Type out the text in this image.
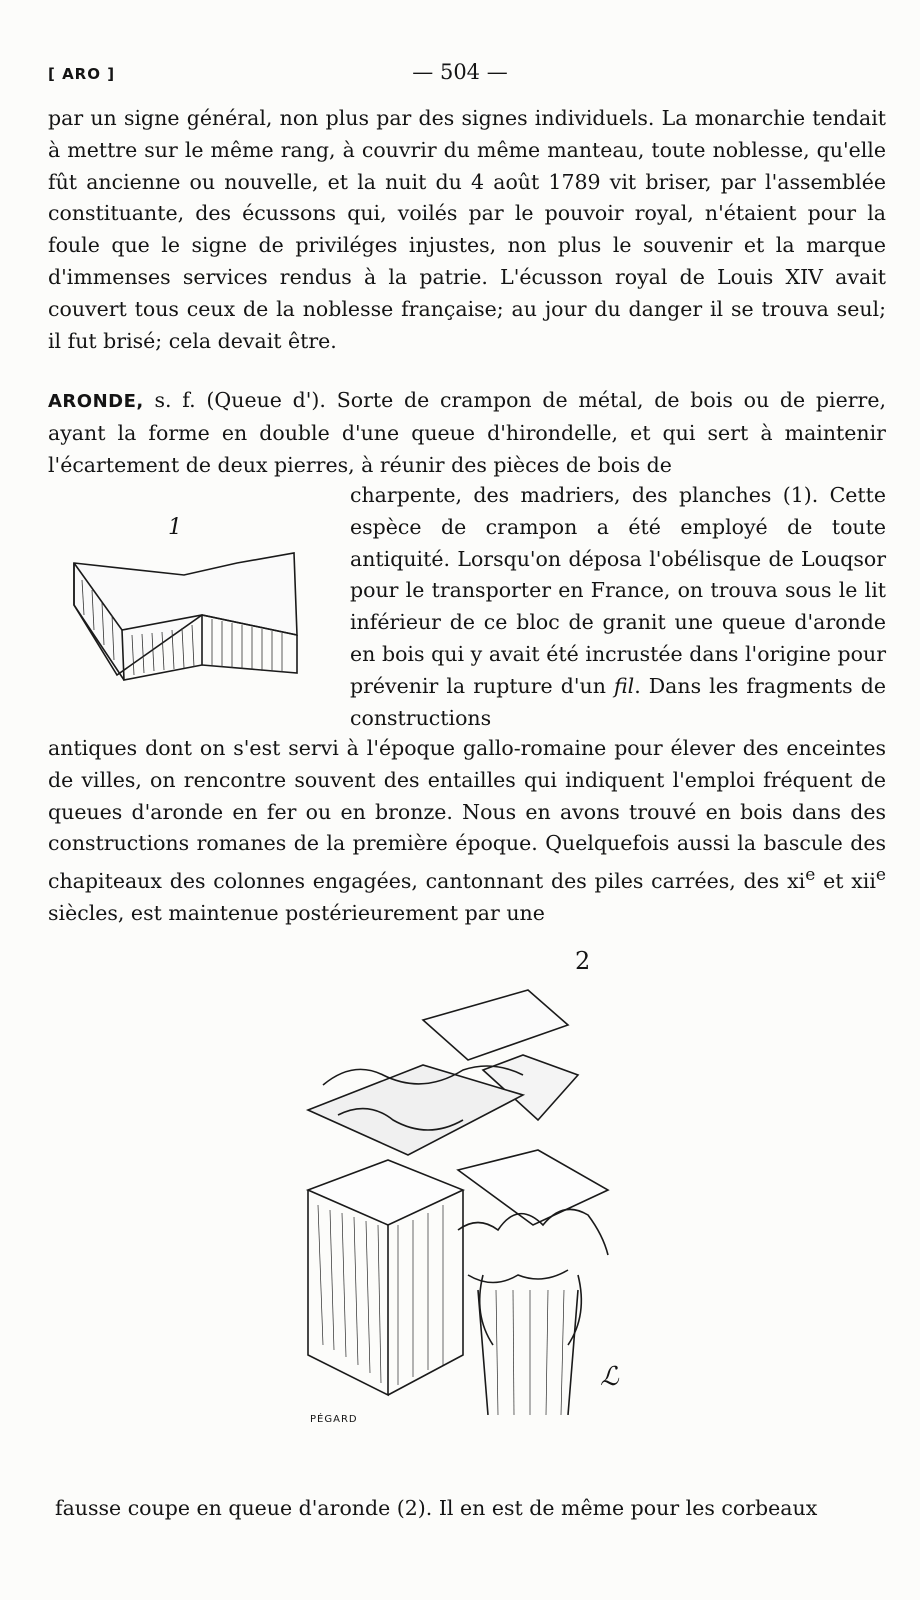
[ ARO ]	— 504 —

par un signe général, non plus par des signes individuels. La monarchie tendait à mettre sur le même rang, à couvrir du même manteau, toute noblesse, qu'elle fût ancienne ou nouvelle, et la nuit du 4 août 1789 vit briser, par l'assemblée constituante, des écussons qui, voilés par le pouvoir royal, n'étaient pour la foule que le signe de priviléges injustes, non plus le souvenir et la marque d'immenses services rendus à la patrie. L'écusson royal de Louis XIV avait couvert tous ceux de la noblesse française; au jour du danger il se trouva seul; il fut brisé; cela devait être.

ARONDE, s. f. (Queue d'). Sorte de crampon de métal, de bois ou de pierre, ayant la forme en double d'une queue d'hirondelle, et qui sert à maintenir l'écartement de deux pierres, à réunir des pièces de bois de

charpente, des madriers, des planches (1). Cette espèce de crampon a été employé de toute antiquité. Lorsqu'on déposa l'obélisque de Louqsor pour le transporter en France, on trouva sous le lit inférieur de ce bloc de granit une queue d'aronde en bois qui y avait été incrustée dans l'origine pour prévenir la rupture d'un fil. Dans les fragments de constructions

1

antiques dont on s'est servi à l'époque gallo-romaine pour élever des enceintes de villes, on rencontre souvent des entailles qui indiquent l'emploi fréquent de queues d'aronde en fer ou en bronze. Nous en avons trouvé en bois dans des constructions romanes de la première époque. Quelquefois aussi la bascule des chapiteaux des colonnes engagées, cantonnant des piles carrées, des $xi^e$ et xii$^e$ siècles, est maintenue postérieurement par une

2
PÉGARD
ℒ

fausse coupe en queue d'aronde (2). Il en est de même pour les corbeaux
